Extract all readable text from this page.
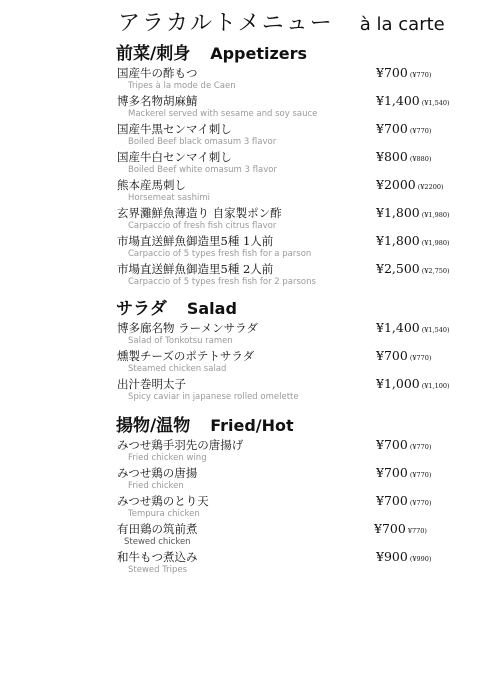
アラカルトメニュー à la carte
前菜/刺身 Appetizers
国産牛の酢もつ
Tripes à la mode de Caen
¥700 (¥770)
博多名物胡麻鯖
Mackerel served with sesame and soy sauce
¥1,400 (¥1,540)
国産牛黒センマイ刺し
Boiled Beef black omasum 3 flavor
¥700 (¥770)
国産牛白センマイ刺し
Boiled Beef white omasum 3 flavor
¥800 (¥880)
熊本産馬刺し
Horsemeat sashimi
¥2000 (¥2200)
玄界灘鮮魚薄造り 自家製ポン酢
Carpaccio of fresh fish citrus flavor
¥1,800 (¥1,980)
市場直送鮮魚御造里5種 1人前
Carpaccio of 5 types fresh fish for a parson
¥1,800 (¥1,980)
市場直送鮮魚御造里5種 2人前
Carpaccio of 5 types fresh fish for 2 parsons
¥2,500 (¥2,750)
サラダ Salad
博多廊名物 ラーメンサラダ
Salad of Tonkotsu ramen
¥1,400 (¥1,540)
燻製チーズのポテトサラダ
Steamed chicken salad
¥700 (¥770)
出汁巻明太子
Spicy caviar in japanese rolled omelette
¥1,000 (¥1,100)
揚物/温物 Fried/Hot
みつせ鶏手羽先の唐揚げ
Fried chicken wing
¥700 (¥770)
みつせ鶏の唐揚
Fried chicken
¥700 (¥770)
みつせ鶏のとり天
Tempura chicken
¥700 (¥770)
有田鶏の筑前煮
Stewed chicken
¥700 ¥770)
和牛もつ煮込み
Stewed Tripes
¥900 (¥990)
